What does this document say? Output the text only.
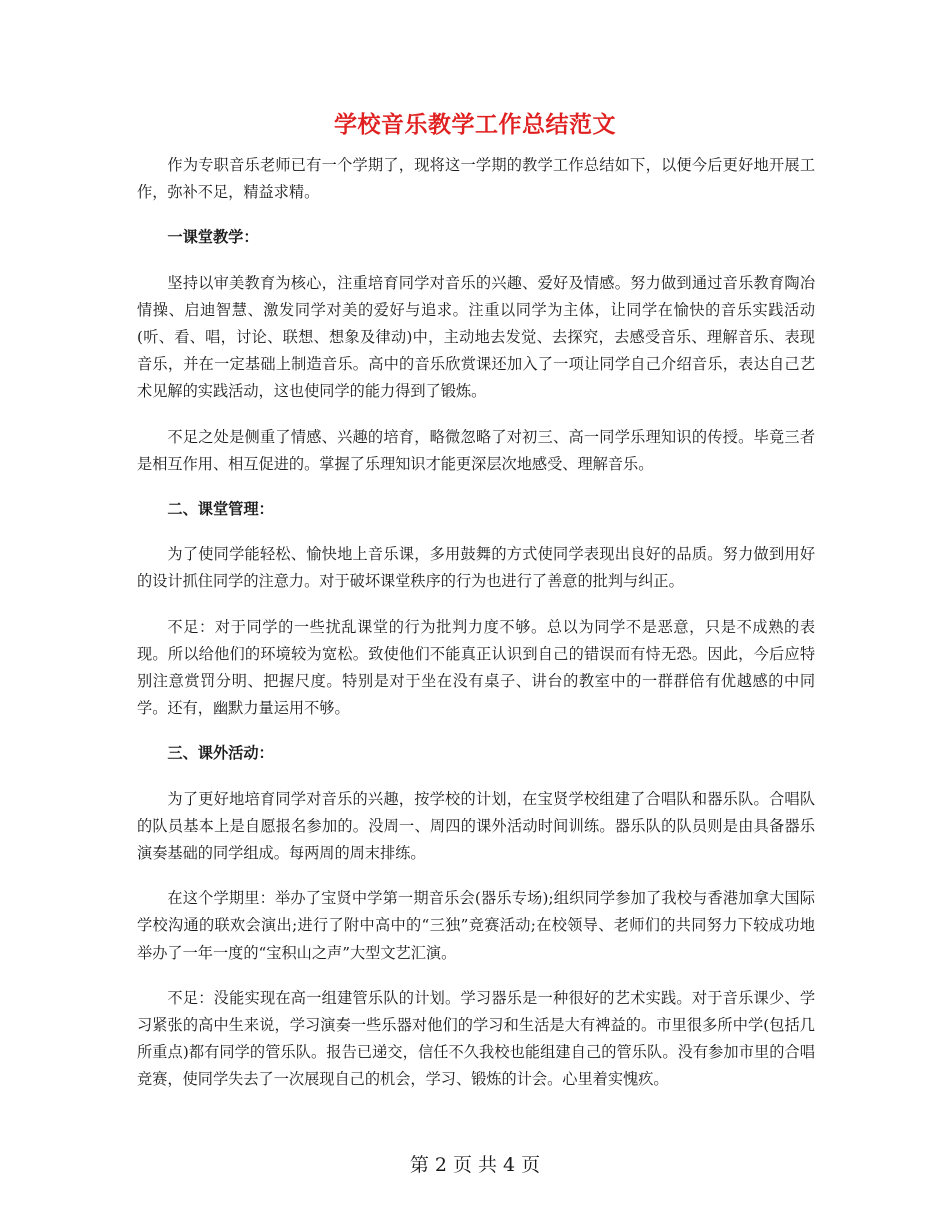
学校音乐教学工作总结范文

作为专职音乐老师已有一个学期了，现将这一学期的教学工作总结如下，以便今后更好地开展工作，弥补不足，精益求精。

一课堂教学：

坚持以审美教育为核心，注重培育同学对音乐的兴趣、爱好及情感。努力做到通过音乐教育陶冶情操、启迪智慧、激发同学对美的爱好与追求。注重以同学为主体，让同学在愉快的音乐实践活动(听、看、唱，讨论、联想、想象及律动)中，主动地去发觉、去探究，去感受音乐、理解音乐、表现音乐，并在一定基础上制造音乐。高中的音乐欣赏课还加入了一项让同学自己介绍音乐，表达自己艺术见解的实践活动，这也使同学的能力得到了锻炼。

不足之处是侧重了情感、兴趣的培育，略微忽略了对初三、高一同学乐理知识的传授。毕竟三者是相互作用、相互促进的。掌握了乐理知识才能更深层次地感受、理解音乐。

二、课堂管理：

为了使同学能轻松、愉快地上音乐课，多用鼓舞的方式使同学表现出良好的品质。努力做到用好的设计抓住同学的注意力。对于破坏课堂秩序的行为也进行了善意的批判与纠正。

不足：对于同学的一些扰乱课堂的行为批判力度不够。总以为同学不是恶意，只是不成熟的表现。所以给他们的环境较为宽松。致使他们不能真正认识到自己的错误而有恃无恐。因此，今后应特别注意赏罚分明、把握尺度。特别是对于坐在没有桌子、讲台的教室中的一群群倍有优越感的中同学。还有，幽默力量运用不够。

三、课外活动：

为了更好地培育同学对音乐的兴趣，按学校的计划，在宝贤学校组建了合唱队和器乐队。合唱队的队员基本上是自愿报名参加的。没周一、周四的课外活动时间训练。器乐队的队员则是由具备器乐演奏基础的同学组成。每两周的周末排练。

在这个学期里：举办了宝贤中学第一期音乐会(器乐专场);组织同学参加了我校与香港加拿大国际学校沟通的联欢会演出;进行了附中高中的“三独”竞赛活动;在校领导、老师们的共同努力下较成功地举办了一年一度的“宝积山之声”大型文艺汇演。

不足：没能实现在高一组建管乐队的计划。学习器乐是一种很好的艺术实践。对于音乐课少、学习紧张的高中生来说，学习演奏一些乐器对他们的学习和生活是大有裨益的。市里很多所中学(包括几所重点)都有同学的管乐队。报告已递交，信任不久我校也能组建自己的管乐队。没有参加市里的合唱竞赛，使同学失去了一次展现自己的机会，学习、锻炼的计会。心里着实愧疚。

第 2 页 共 4 页
